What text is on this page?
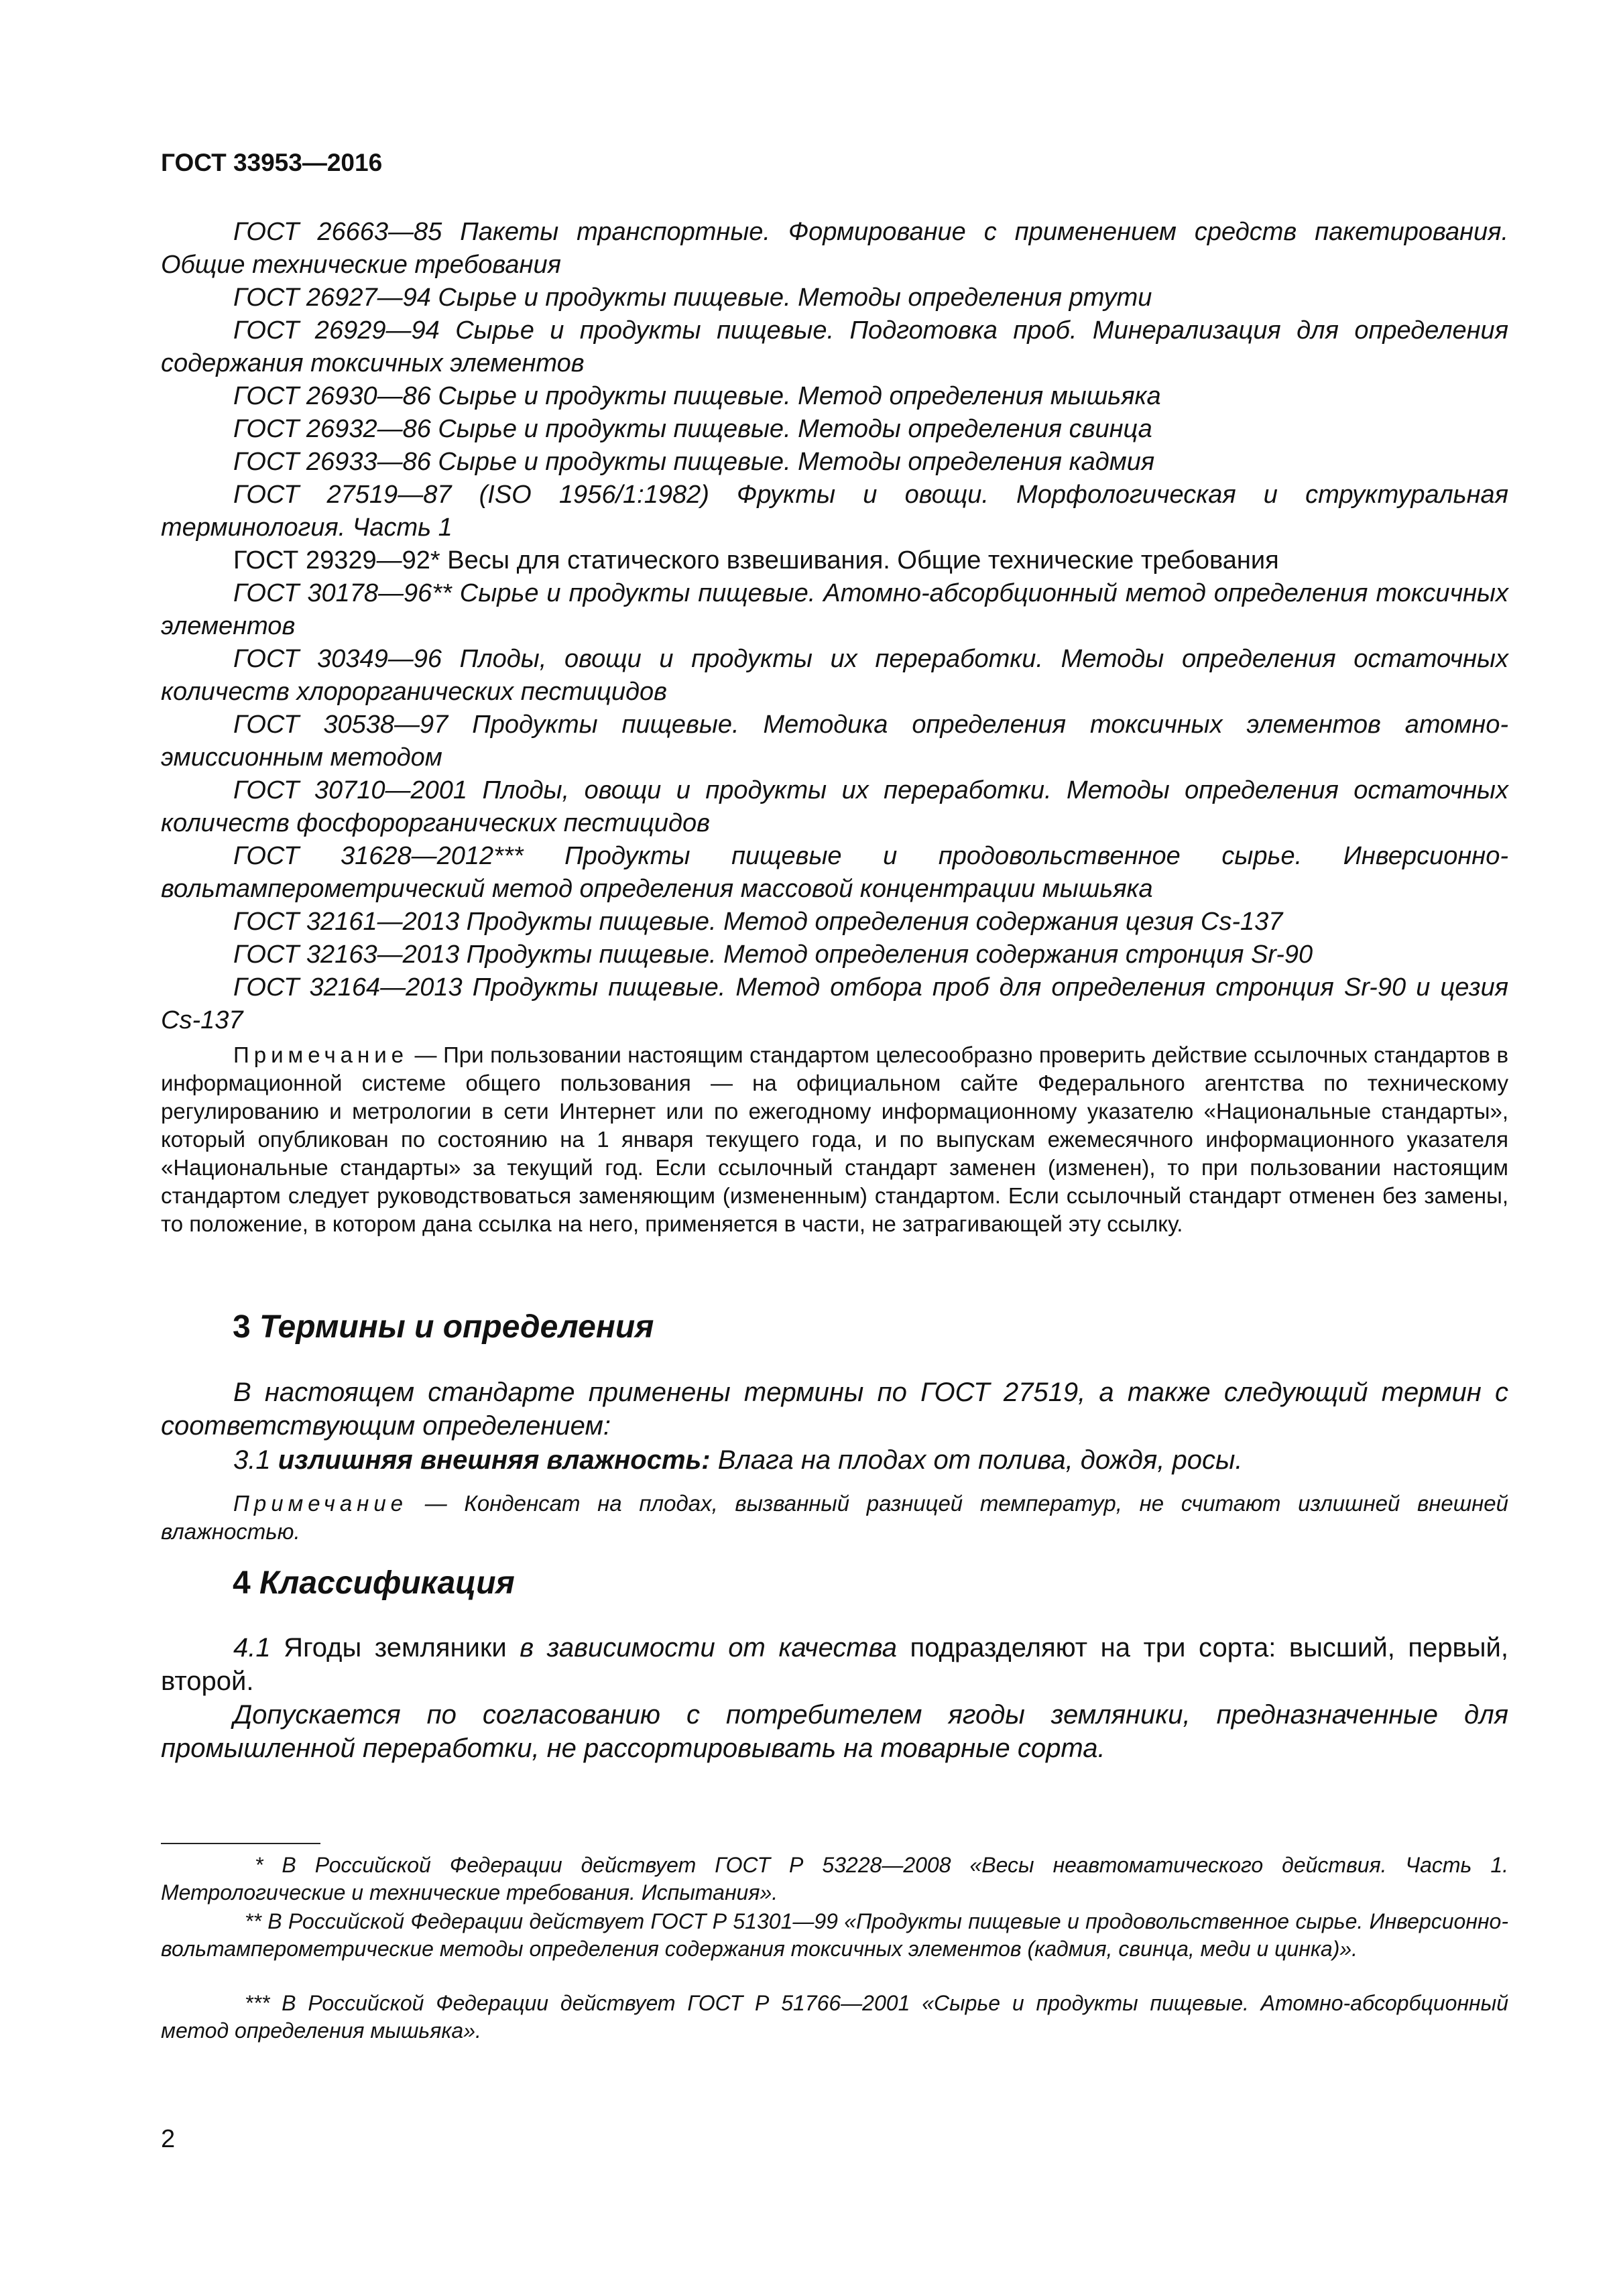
ГОСТ 33953—2016

ГОСТ 26663—85 Пакеты транспортные. Формирование с применением средств пакетирования. Общие технические требования

ГОСТ 26927—94 Сырье и продукты пищевые. Методы определения ртути

ГОСТ 26929—94 Сырье и продукты пищевые. Подготовка проб. Минерализация для определения содержания токсичных элементов

ГОСТ 26930—86 Сырье и продукты пищевые. Метод определения мышьяка

ГОСТ 26932—86 Сырье и продукты пищевые. Методы определения свинца

ГОСТ 26933—86 Сырье и продукты пищевые. Методы определения кадмия

ГОСТ 27519—87 (ISO 1956/1:1982) Фрукты и овощи. Морфологическая и структуральная терминология. Часть 1

ГОСТ 29329—92* Весы для статического взвешивания. Общие технические требования

ГОСТ 30178—96** Сырье и продукты пищевые. Атомно-абсорбционный метод определения токсичных элементов

ГОСТ 30349—96 Плоды, овощи и продукты их переработки. Методы определения остаточных количеств хлорорганических пестицидов

ГОСТ 30538—97 Продукты пищевые. Методика определения токсичных элементов атомно-эмиссионным методом

ГОСТ 30710—2001 Плоды, овощи и продукты их переработки. Методы определения остаточных количеств фосфорорганических пестицидов

ГОСТ 31628—2012*** Продукты пищевые и продовольственное сырье. Инверсионно-вольтамперометрический метод определения массовой концентрации мышьяка

ГОСТ 32161—2013 Продукты пищевые. Метод определения содержания цезия Cs-137

ГОСТ 32163—2013 Продукты пищевые. Метод определения содержания стронция Sr-90

ГОСТ 32164—2013 Продукты пищевые. Метод отбора проб для определения стронция Sr-90 и цезия Cs-137

Примечание — При пользовании настоящим стандартом целесообразно проверить действие ссылочных стандартов в информационной системе общего пользования — на официальном сайте Федерального агентства по техническому регулированию и метрологии в сети Интернет или по ежегодному информационному указателю «Национальные стандарты», который опубликован по состоянию на 1 января текущего года, и по выпускам ежемесячного информационного указателя «Национальные стандарты» за текущий год. Если ссылочный стандарт заменен (изменен), то при пользовании настоящим стандартом следует руководствоваться заменяющим (измененным) стандартом. Если ссылочный стандарт отменен без замены, то положение, в котором дана ссылка на него, применяется в части, не затрагивающей эту ссылку.

3 Термины и определения

В настоящем стандарте применены термины по ГОСТ 27519, а также следующий термин с соответствующим определением:

3.1 излишняя внешняя влажность: Влага на плодах от полива, дождя, росы.

Примечание — Конденсат на плодах, вызванный разницей температур, не считают излишней внешней влажностью.

4 Классификация

4.1 Ягоды земляники в зависимости от качества подразделяют на три сорта: высший, первый, второй.

Допускается по согласованию с потребителем ягоды земляники, предназначенные для промышленной переработки, не рассортировывать на товарные сорта.

* В Российской Федерации действует ГОСТ Р 53228—2008 «Весы неавтоматического действия. Часть 1. Метрологические и технические требования. Испытания».

** В Российской Федерации действует ГОСТ Р 51301—99 «Продукты пищевые и продовольственное сырье. Инверсионно-вольтамперометрические методы определения содержания токсичных элементов (кадмия, свинца, меди и цинка)».

*** В Российской Федерации действует ГОСТ Р 51766—2001 «Сырье и продукты пищевые. Атомно-абсорбционный метод определения мышьяка».

2
